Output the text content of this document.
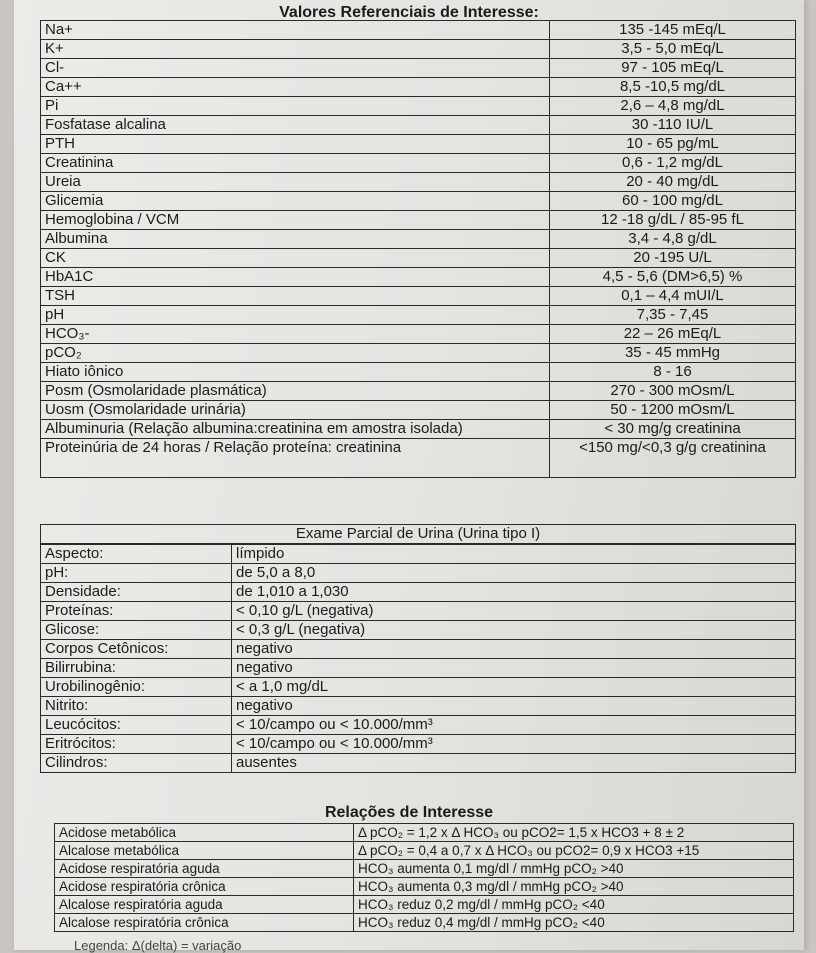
Valores Referenciais de Interesse:
Na+	135 -145 mEq/L
K+	3,5 - 5,0 mEq/L
Cl-	97 - 105 mEq/L
Ca++	8,5 -10,5 mg/dL
Pi	2,6 – 4,8 mg/dL
Fosfatase alcalina	30 -110 IU/L
PTH	10 - 65 pg/mL
Creatinina	0,6 - 1,2 mg/dL
Ureia	20 - 40 mg/dL
Glicemia	60 - 100 mg/dL
Hemoglobina / VCM	12 -18 g/dL / 85-95 fL
Albumina	3,4 - 4,8 g/dL
CK	20 -195 U/L
HbA1C	4,5 - 5,6 (DM>6,5) %
TSH	0,1 – 4,4 mUI/L
pH	7,35 - 7,45
HCO₃-	22 – 26 mEq/L
pCO₂	35 - 45 mmHg
Hiato iônico	8 - 16
Posm (Osmolaridade plasmática)	270 - 300 mOsm/L
Uosm (Osmolaridade urinária)	50 - 1200 mOsm/L
Albuminuria (Relação albumina:creatinina em amostra isolada)	< 30 mg/g creatinina
Proteinúria de 24 horas / Relação proteína: creatinina	<150 mg/<0,3 g/g creatinina
Exame Parcial de Urina (Urina tipo I)
Aspecto:	límpido
pH:	de 5,0 a 8,0
Densidade:	de 1,010 a 1,030
Proteínas:	< 0,10 g/L (negativa)
Glicose:	< 0,3 g/L (negativa)
Corpos Cetônicos:	negativo
Bilirrubina:	negativo
Urobilinogênio:	< a 1,0 mg/dL
Nitrito:	negativo
Leucócitos:	< 10/campo ou < 10.000/mm³
Eritrócitos:	< 10/campo ou < 10.000/mm³
Cilindros:	ausentes
Relações de Interesse
Acidose metabólica	Δ pCO₂ = 1,2 x Δ HCO₃ ou pCO2= 1,5 x HCO3 + 8 ± 2
Alcalose metabólica	Δ pCO₂ = 0,4 a 0,7 x Δ HCO₃ ou pCO2= 0,9 x HCO3 +15
Acidose respiratória aguda	HCO₃ aumenta 0,1 mg/dl / mmHg pCO₂ >40
Acidose respiratória crônica	HCO₃ aumenta 0,3 mg/dl / mmHg pCO₂ >40
Alcalose respiratória aguda	HCO₃ reduz 0,2 mg/dl / mmHg pCO₂ <40
Alcalose respiratória crônica	HCO₃ reduz 0,4 mg/dl / mmHg pCO₂ <40
Legenda: Δ(delta) = variação
